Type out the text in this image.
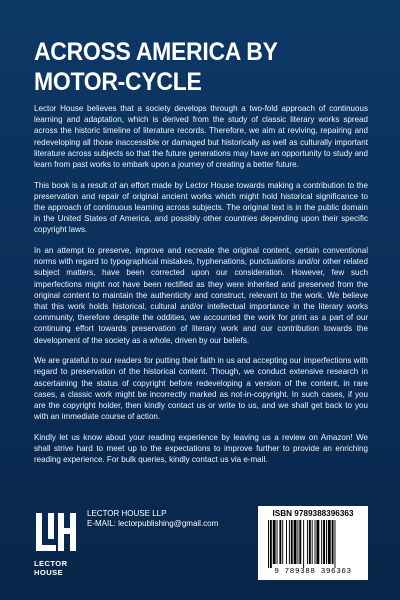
ACROSS AMERICA BY
MOTOR-CYCLE

Lector House believes that a society develops through a two-fold approach of continuous learning and adaptation, which is derived from the study of classic literary works spread across the historic timeline of literature records. Therefore, we aim at reviving, repairing and redeveloping all those inaccessible or damaged but historically as well as culturally important literature across subjects so that the future generations may have an opportunity to study and learn from past works to embark upon a journey of creating a better future.

This book is a result of an effort made by Lector House towards making a contribution to the preservation and repair of original ancient works which might hold historical significance to the approach of continuous learning across subjects. The original text is in the public domain in the United States of America, and possibly other countries depending upon their specific copyright laws.

In an attempt to preserve, improve and recreate the original content, certain conventional norms with regard to typographical mistakes, hyphenations, punctuations and/or other related subject matters, have been corrected upon our consideration. However, few such imperfections might not have been rectified as they were inherited and preserved from the original content to maintain the authenticity and construct, relevant to the work. We believe that this work holds historical, cultural and/or intellectual importance in the literary works community, therefore despite the oddities, we accounted the work for print as a part of our continuing effort towards preservation of literary work and our contribution towards the development of the society as a whole, driven by our beliefs.

We are grateful to our readers for putting their faith in us and accepting our imperfections with regard to preservation of the historical content. Though, we conduct extensive research in ascertaining the status of copyright before redeveloping a version of the content, in rare cases, a classic work might be incorrectly marked as not-in-copyright. In such cases, if you are the copyright holder, then kindly contact us or write to us, and we shall get back to you with an immediate course of action.

Kindly let us know about your reading experience by leaving us a review on Amazon! We shall strive hard to meet up to the expectations to improve further to provide an enriching reading experience. For bulk queries, kindly contact us via e-mail.

LECTOR HOUSE
LECTOR HOUSE LLP
E-MAIL: lectorpublishing@gmail.com
ISBN 9789388396363
9 789388 396363
